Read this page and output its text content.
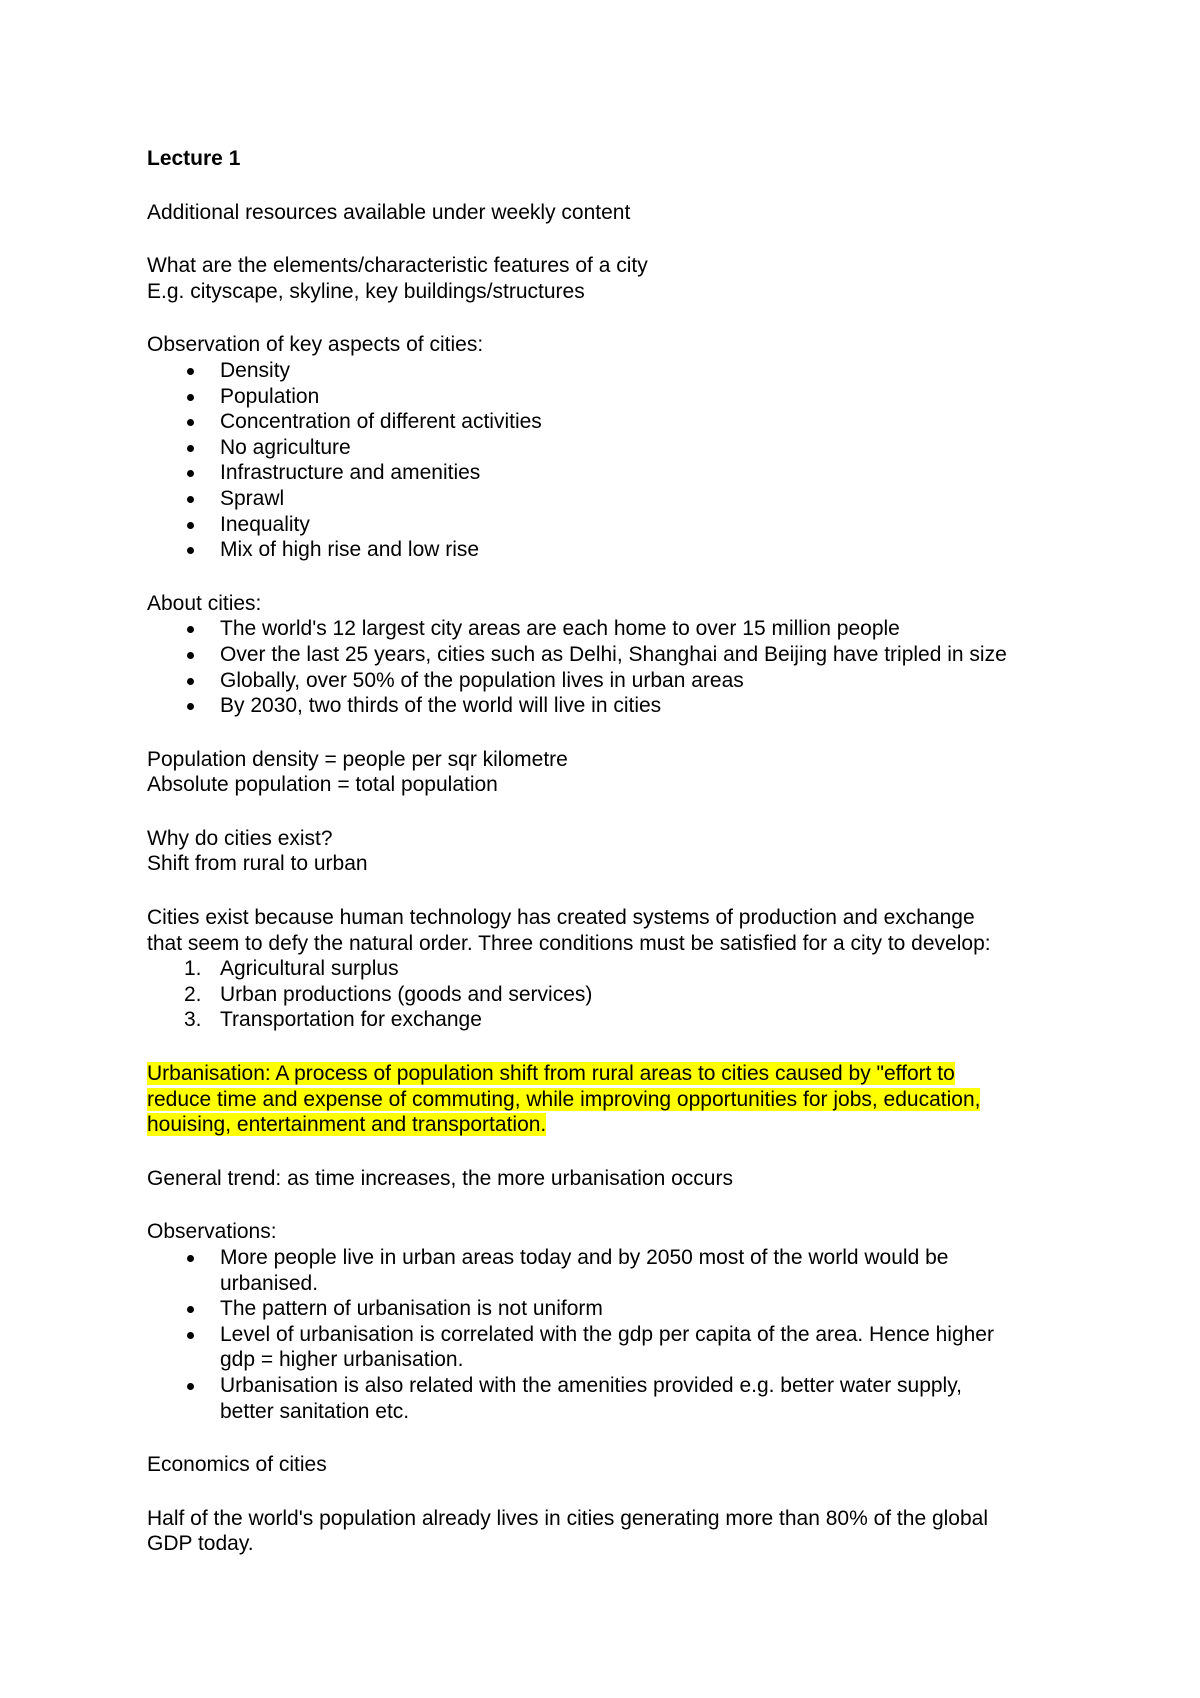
Lecture 1

Additional resources available under weekly content

What are the elements/characteristic features of a city

E.g. cityscape, skyline, key buildings/structures

Observation of key aspects of cities:

Density
Population
Concentration of different activities
No agriculture
Infrastructure and amenities
Sprawl
Inequality
Mix of high rise and low rise

About cities:

The world's 12 largest city areas are each home to over 15 million people
Over the last 25 years, cities such as Delhi, Shanghai and Beijing have tripled in size
Globally, over 50% of the population lives in urban areas
By 2030, two thirds of the world will live in cities

Population density = people per sqr kilometre

Absolute population = total population

Why do cities exist?

Shift from rural to urban

Cities exist because human technology has created systems of production and exchange

that seem to defy the natural order. Three conditions must be satisfied for a city to develop:

1. Agricultural surplus
2. Urban productions (goods and services)
3. Transportation for exchange
Urbanisation: A process of population shift from rural areas to cities caused by "effort to
reduce time and expense of commuting, while improving opportunities for jobs, education,
houising, entertainment and transportation.

General trend: as time increases, the more urbanisation occurs

Observations:

More people live in urban areas today and by 2050 most of the world would be
urbanised.
The pattern of urbanisation is not uniform
Level of urbanisation is correlated with the gdp per capita of the area. Hence higher
gdp = higher urbanisation.
Urbanisation is also related with the amenities provided e.g. better water supply,
better sanitation etc.

Economics of cities

Half of the world's population already lives in cities generating more than 80% of the global

GDP today.
